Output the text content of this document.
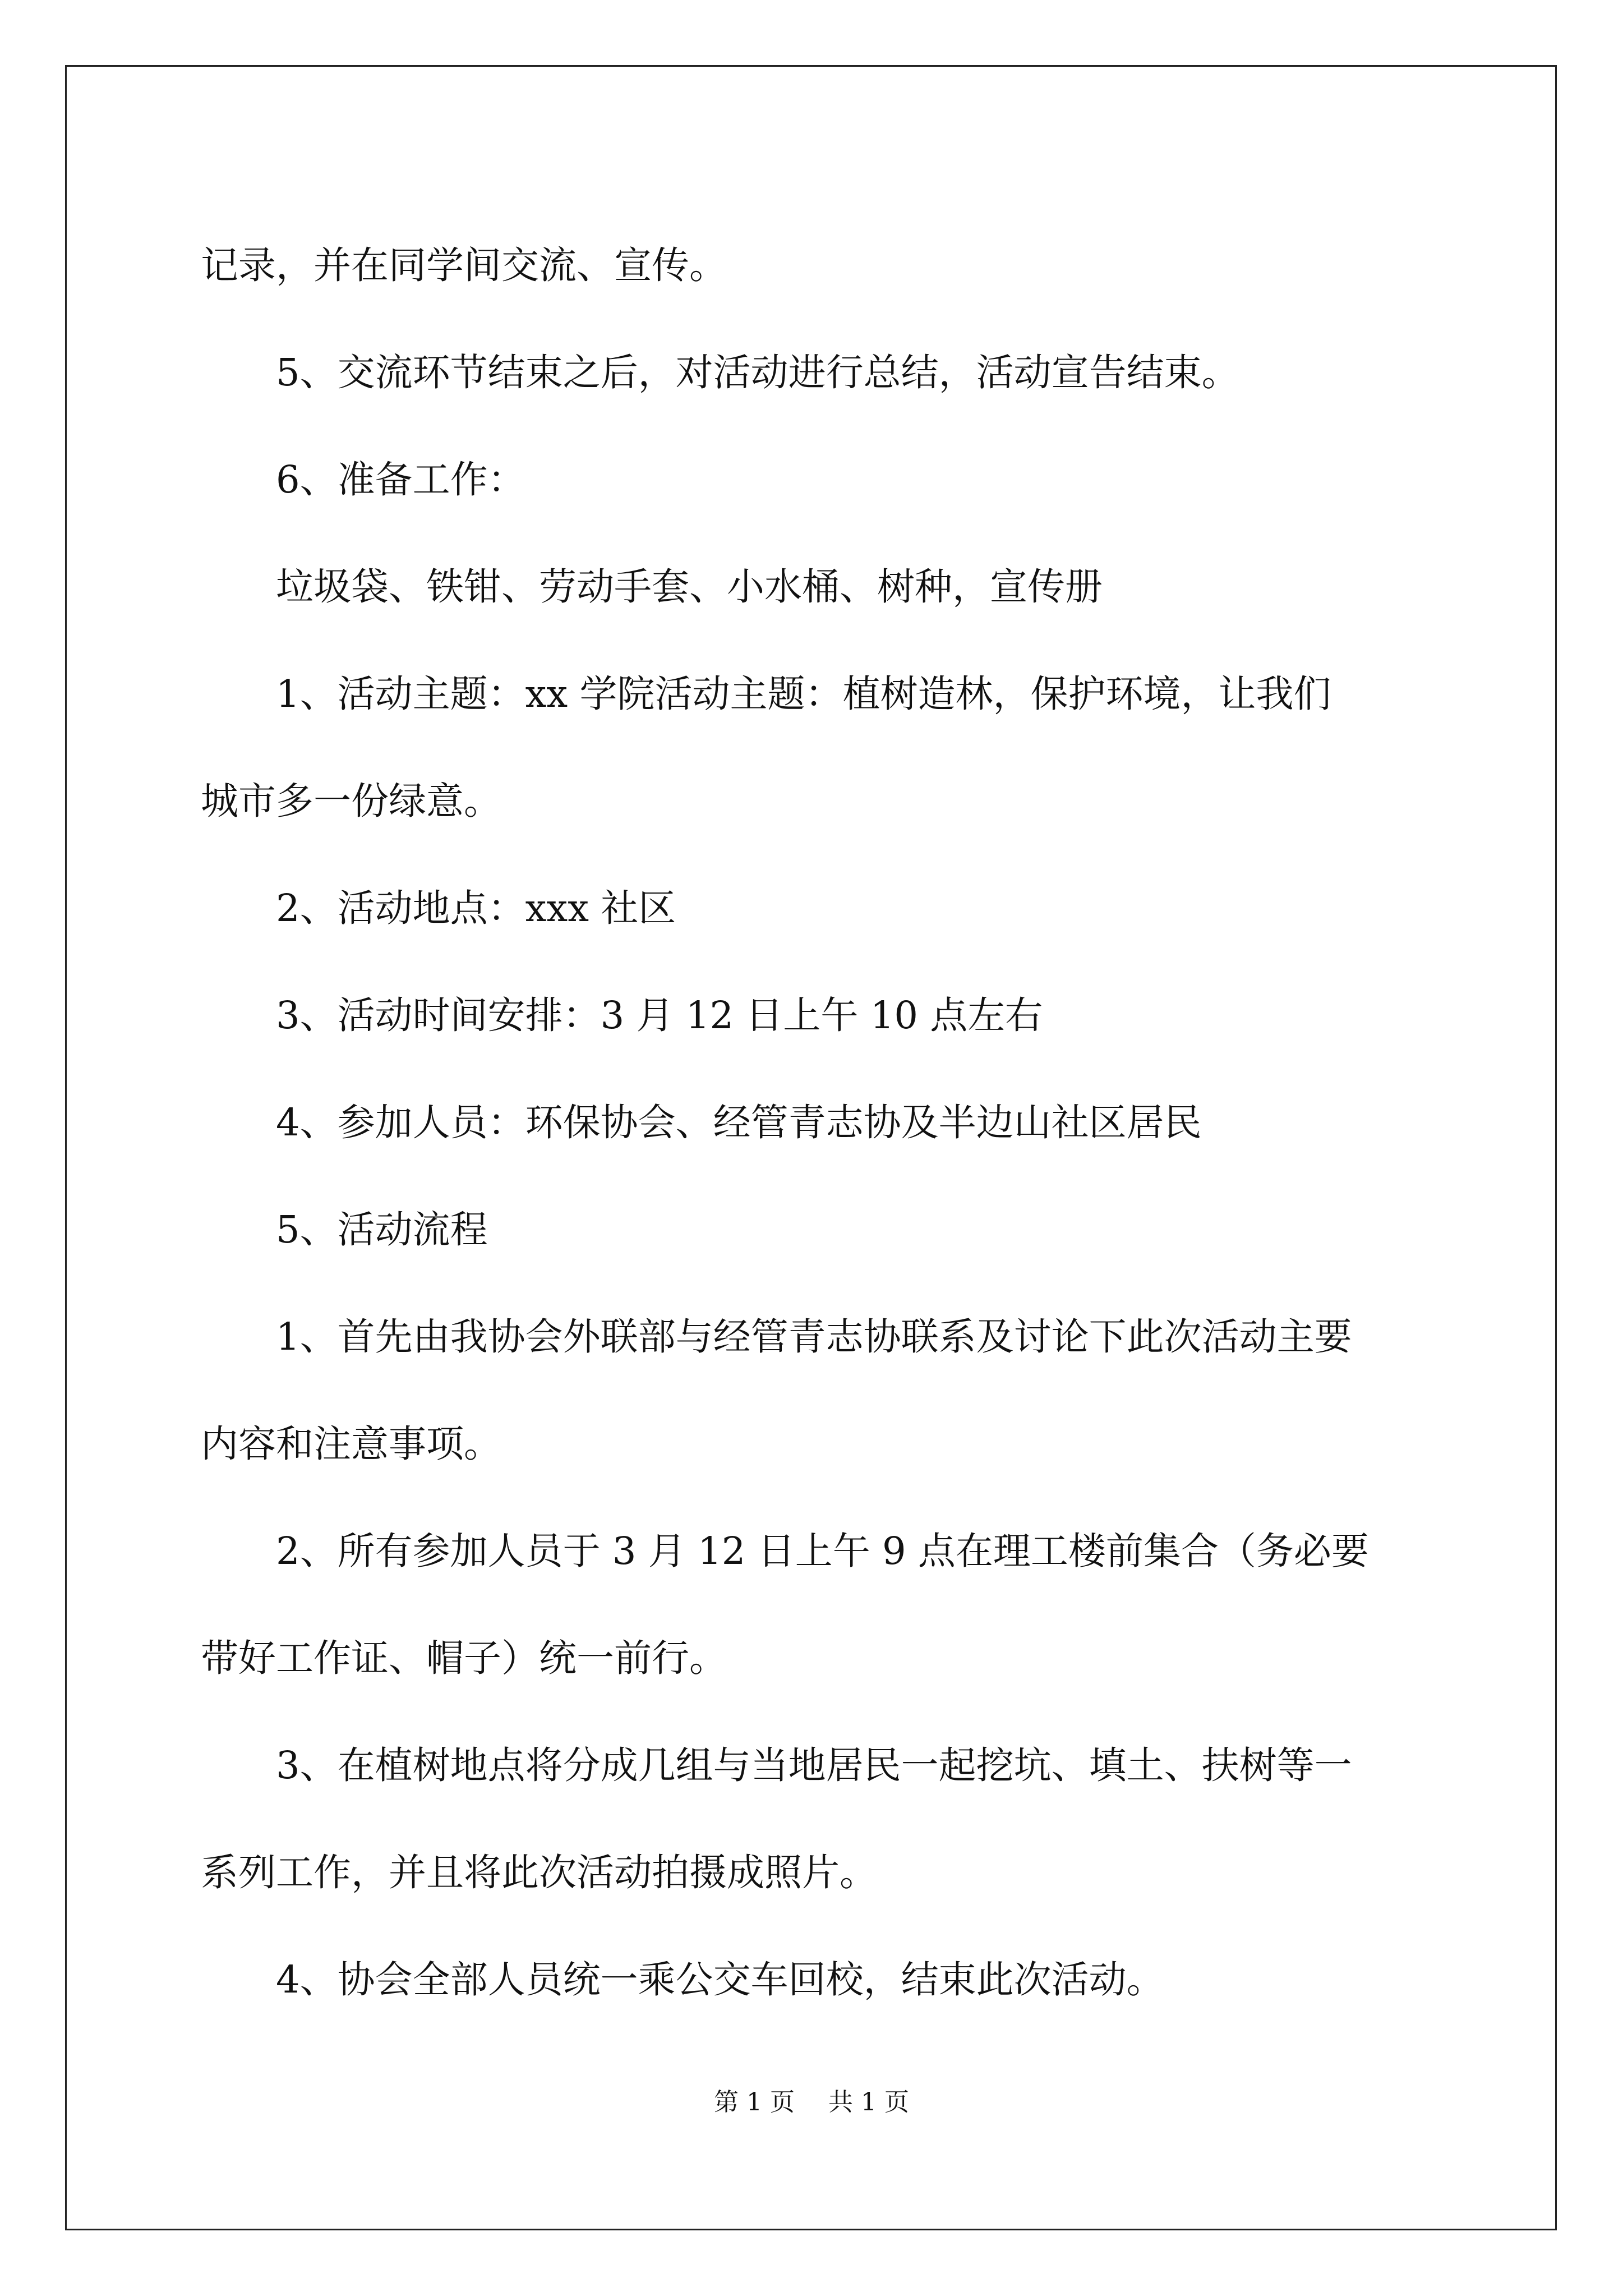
记录，并在同学间交流、宣传。

5、交流环节结束之后，对活动进行总结，活动宣告结束。

6、准备工作：

垃圾袋、铁钳、劳动手套、小水桶、树种，宣传册

1、活动主题：xx 学院活动主题：植树造林，保护环境，让我们

城市多一份绿意。

2、活动地点：xxx 社区

3、活动时间安排：3 月 12 日上午 10 点左右

4、参加人员：环保协会、经管青志协及半边山社区居民

5、活动流程

1、首先由我协会外联部与经管青志协联系及讨论下此次活动主要

内容和注意事项。

2、所有参加人员于 3 月 12 日上午 9 点在理工楼前集合（务必要

带好工作证、帽子）统一前行。

3、在植树地点将分成几组与当地居民一起挖坑、填土、扶树等一

系列工作，并且将此次活动拍摄成照片。

4、协会全部人员统一乘公交车回校，结束此次活动。

第 1 页 共 1 页
